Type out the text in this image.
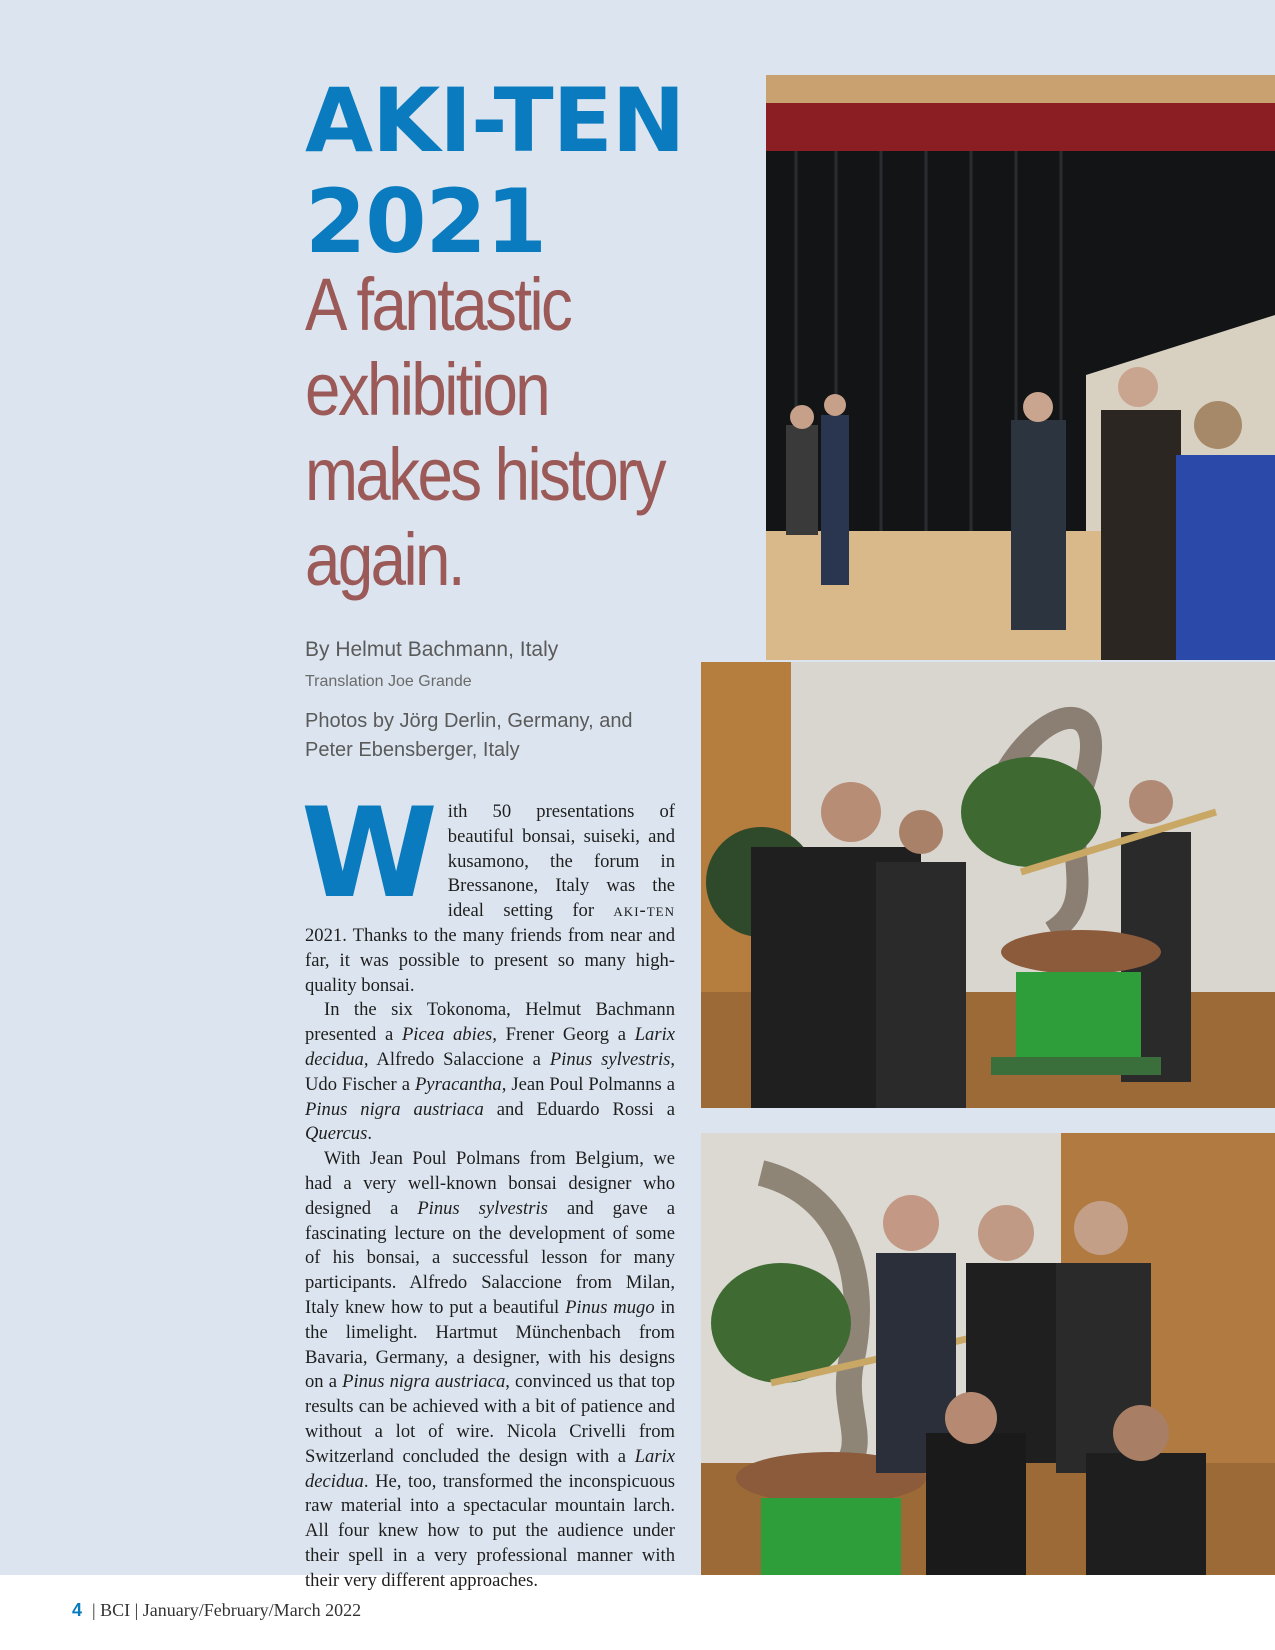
AKI-TEN
2021
A fantastic
exhibition
makes history
again.
By Helmut Bachmann, Italy
Translation Joe Grande
Photos by Jörg Derlin, Germany, and Peter Ebensberger, Italy

With 50 presentations of beautiful bonsai, suiseki, and kusamono, the forum in Bressanone, Italy was the ideal setting for aki-ten 2021. Thanks to the many friends from near and far, it was possible to present so many high-quality bonsai.

In the six Tokonoma, Helmut Bachmann presented a Picea abies, Frener Georg a Larix decidua, Alfredo Salaccione a Pinus sylvestris, Udo Fischer a Pyracantha, Jean Poul Polmanns a Pinus nigra austriaca and Eduardo Rossi a Quercus.

With Jean Poul Polmans from Belgium, we had a very well-known bonsai designer who designed a Pinus sylvestris and gave a fascinating lecture on the development of some of his bonsai, a successful lesson for many participants. Alfredo Salaccione from Milan, Italy knew how to put a beautiful Pinus mugo in the limelight. Hartmut Münchenbach from Bavaria, Germany, a designer, with his designs on a Pinus nigra austriaca, convinced us that top results can be achieved with a bit of patience and without a lot of wire. Nicola Crivelli from Switzerland concluded the design with a Larix decidua. He, too, transformed the inconspicuous raw material into a spectacular mountain larch. All four knew how to put the audience under their spell in a very professional manner with their very different approaches.

4 | BCI | January/February/March 2022
